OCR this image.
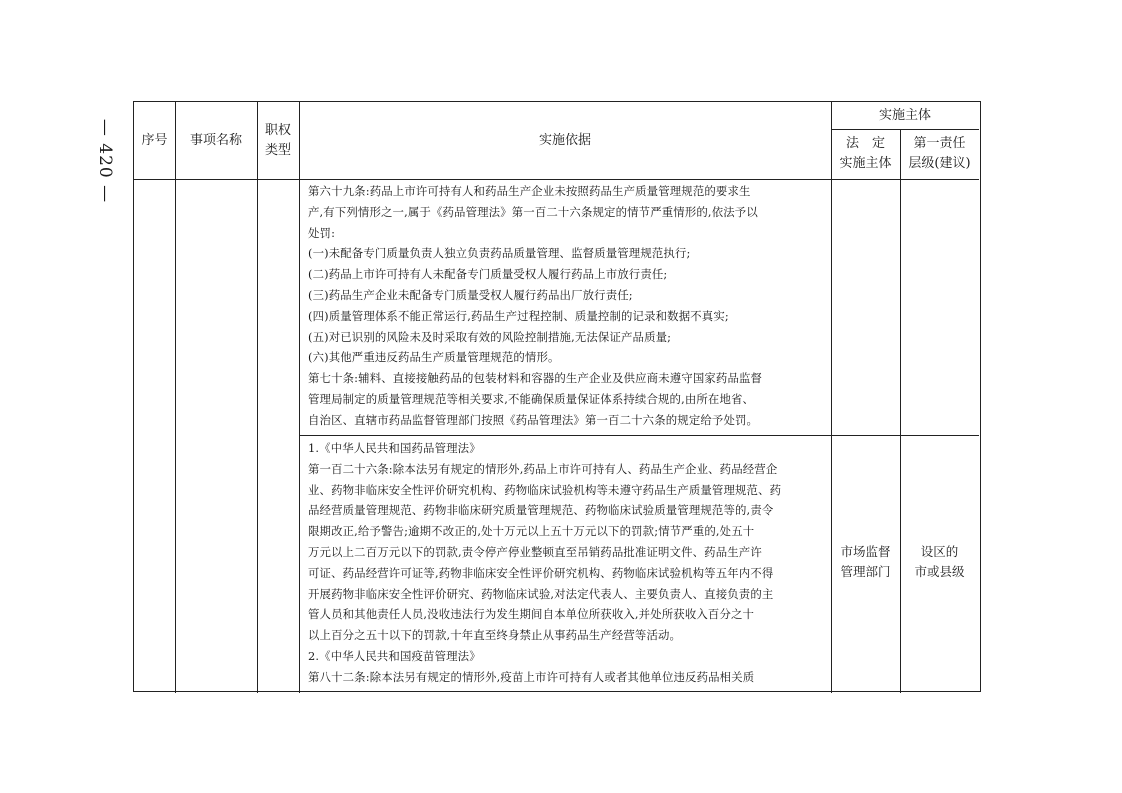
— 420 — 序号 事项名称
职权
类型
实施依据
实施主体
法　定
实施主体
第一责任
层级(建议)
第六十九条:药品上市许可持有人和药品生产企业未按照药品生产质量管理规范的要求生
产,有下列情形之一,属于《药品管理法》第一百二十六条规定的情节严重情形的,依法予以
处罚:
(一)未配备专门质量负责人独立负责药品质量管理、监督质量管理规范执行;
(二)药品上市许可持有人未配备专门质量受权人履行药品上市放行责任;
(三)药品生产企业未配备专门质量受权人履行药品出厂放行责任;
(四)质量管理体系不能正常运行,药品生产过程控制、质量控制的记录和数据不真实;
(五)对已识别的风险未及时采取有效的风险控制措施,无法保证产品质量;
(六)其他严重违反药品生产质量管理规范的情形。
第七十条:辅料、直接接触药品的包装材料和容器的生产企业及供应商未遵守国家药品监督
管理局制定的质量管理规范等相关要求,不能确保质量保证体系持续合规的,由所在地省、
自治区、直辖市药品监督管理部门按照《药品管理法》第一百二十六条的规定给予处罚。
1.《中华人民共和国药品管理法》
第一百二十六条:除本法另有规定的情形外,药品上市许可持有人、药品生产企业、药品经营企
业、药物非临床安全性评价研究机构、药物临床试验机构等未遵守药品生产质量管理规范、药
品经营质量管理规范、药物非临床研究质量管理规范、药物临床试验质量管理规范等的,责令
限期改正,给予警告;逾期不改正的,处十万元以上五十万元以下的罚款;情节严重的,处五十
万元以上二百万元以下的罚款,责令停产停业整顿直至吊销药品批准证明文件、药品生产许
可证、药品经营许可证等,药物非临床安全性评价研究机构、药物临床试验机构等五年内不得
开展药物非临床安全性评价研究、药物临床试验,对法定代表人、主要负责人、直接负责的主
管人员和其他责任人员,没收违法行为发生期间自本单位所获收入,并处所获收入百分之十
以上百分之五十以下的罚款,十年直至终身禁止从事药品生产经营等活动。
2.《中华人民共和国疫苗管理法》
第八十二条:除本法另有规定的情形外,疫苗上市许可持有人或者其他单位违反药品相关质
市场监督
管理部门
设区的
市或县级
